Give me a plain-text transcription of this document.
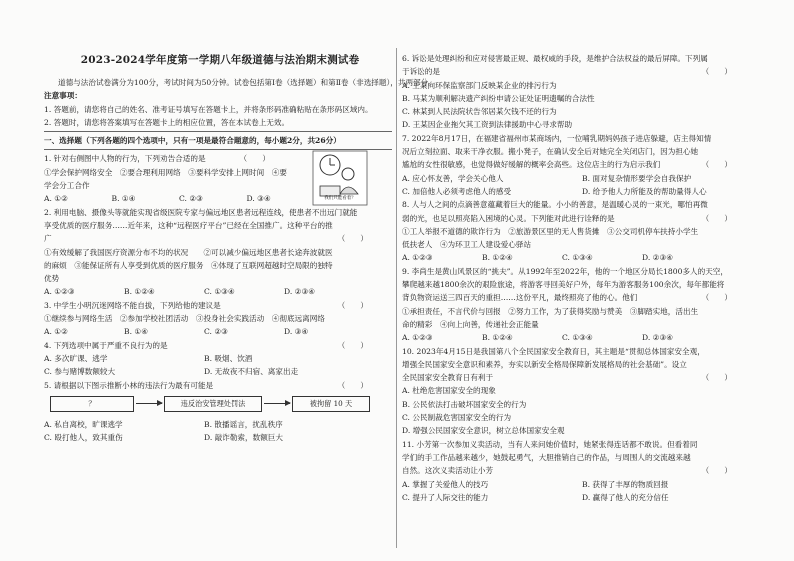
2023-2024学年度第一学期八年级道德与法治期末测试卷

道德与法治试卷满分为100分，考试时间为50分钟。试卷包括第Ⅰ卷（选择题）和第Ⅱ卷（非选择题），共两部分。

注意事项：

1. 答题前，请您将自己的姓名、准考证号填写在答题卡上，并将条形码准确粘贴在条形码区域内。

2. 答题时，请您将答案填写在答题卡上的相应位置，答在本试卷上无效。

一、选择题（下列各题的四个选项中，只有一项是最符合题意的，每小题2分，共26分）

1. 针对右侧图中人物的行为，下列劝告合适的是	（　　）

①学会保护网络安全　②要合理利用网络　③要科学安排上网时间　④要

学会分工合作

A. ①②	B. ①④	C. ②③	D. ③④

2. 利用电脑、摄像头等就能实现省级医院专家与偏远地区患者远程连线，使患者不出远门就能

享受优质的医疗服务……近年来，这种“远程医疗平台”已经在全国推广。这种平台的推

广	（　　）

①有效缓解了我国医疗资源分布不均的状况　　②可以减少偏远地区患者长途奔波就医

的麻烦　③能保证所有人享受到优质的医疗服务　④体现了互联网超越时空局限的独特

优势

A. ①②③	B. ①②④	C. ①③④	D. ②③④

3. 中学生小明沉迷网络不能自拔，下列给他的建议是	（　　）

①继续参与网络生活　②参加学校社团活动　③投身社会实践活动　④彻底远离网络

A. ①②	B. ①④	C. ②③	D. ③④

4. 下列选项中属于严重不良行为的是	（　　）

A. 多次旷课、逃学	B. 吸烟、饮酒
C. 参与赌博数额较大	D. 无故夜不归宿、离家出走

5. 请根据以下图示推断小林的违法行为最有可能是	（　　）

？	违反治安管理处罚法	被拘留 10 天
A. 私自离校，旷课逃学	B. 散播谣言，扰乱秩序
C. 殴打他人，致其重伤	D. 敲诈勒索，数额巨大
我们只能看着？

6. 诉讼是处理纠纷和应对侵害最正规、最权威的手段，是维护合法权益的最后屏障。下列属

于诉讼的是	（　　）

A. 王某向环保监察部门反映某企业的排污行为

B. 马某为顺利解决遗产纠纷申请公证处证明遗嘱的合法性

C. 林某到人民法院状告邻居某欠钱不还的行为

D. 王某因企业拖欠其工资到法律援助中心寻求帮助

7. 2022年8月17日，在福建省福州市某商场内，一位哺乳期妈妈孩子进店躲避，店主得知情

况后立刻拉面、取来干净衣服。搬小凳子，在确认安全后对她完全关闭店门，因为担心她

尴尬的女性很敏感，也觉得做好缓解的概率会高些。这位店主的行为启示我们	（　　）

A. 应心怀友善，学会关心他人	B. 面对复杂情形要学会自我保护
C. 加倍他人必须考虑他人的感受	D. 给予他人力所能及的帮助量得人心

8. 人与人之间的点滴善意蕴藏着巨大的能量。小小的善意，是温暖心灵的一束光，哪怕再微

弱的光，也足以照亮陷入困境的心灵。下列能对此进行诠释的是	（　　）

①工人举报不道德的欺诈行为　②旅游景区里的无人售货摊　③公交司机停车扶持小学生

低扶老人　④为环卫工人建设爱心驿站

A. ①②③	B. ①②④	C. ①③④	D. ②③④

9. 李尚生是黄山风景区的“挑夫”。从1992年至2022年，他的一个地区分局长1800多人的天空，

攀爬越来越1800余次的艰险旅途，将游客寻回美好户外，每年为游客服务100余次，每年都能将

背负物资运送三四百天的重担……这份平凡，最终照亮了他的心。他们	（　　）

①承担责任，不言代价与回报　②努力工作，为了获得奖励与赞美　③脚踏实地，活出生

命的精彩　④向上向善，传递社会正能量

A. ①②③	B. ①②④	C. ①③④	D. ②③④

10. 2023年4月15日是我国第八个全民国家安全教育日，其主题是“贯彻总体国家安全观，

增强全民国家安全意识和素养，夯实以新安全格局保障新发展格局的社会基础”。设立

全民国家安全教育日有利于	（　　）

A. 杜绝危害国家安全的现象

B. 公民依法打击破坏国家安全的行为

C. 公民制裁危害国家安全的行为

D. 增强公民国家安全意识，树立总体国家安全观

11. 小芳第一次参加义卖活动，当有人来问她价值时，她紧张得连话都不敢说。但看着同

学们的手工作品越来越少，她鼓起勇气，大胆推销自己的作品，与周围人的交流越来越

自然。这次义卖活动让小芳	（　　）

A. 掌握了关爱他人的技巧	B. 获得了丰厚的物质回报
C. 提升了人际交往的能力	D. 赢得了他人的充分信任
